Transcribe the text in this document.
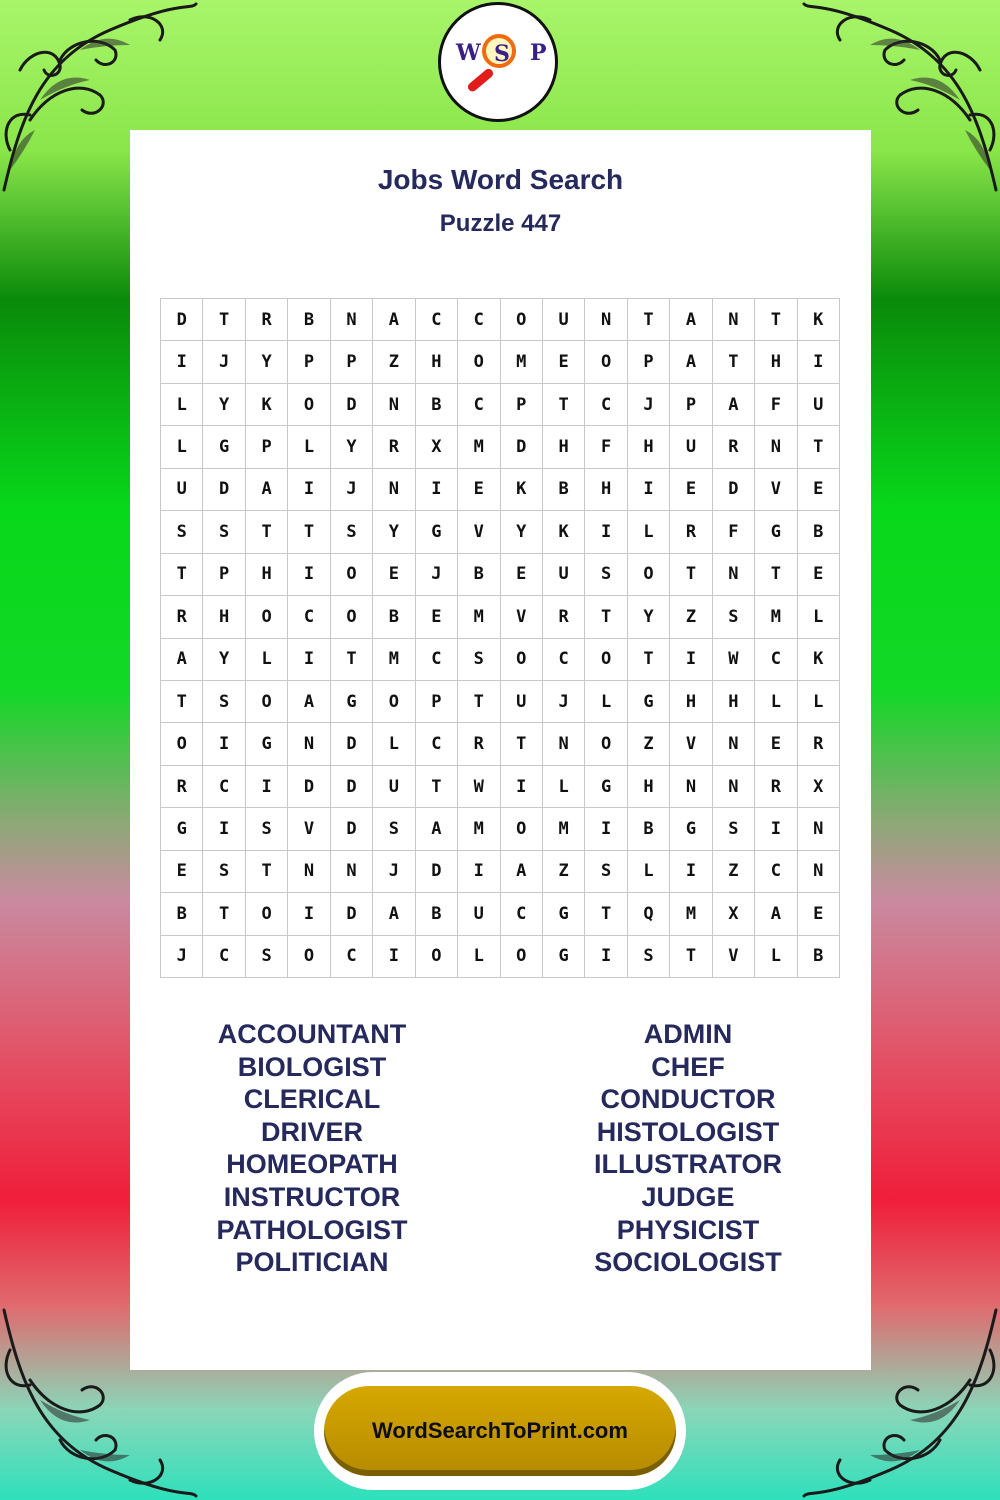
W S P
Jobs Word Search
Puzzle 447
D	T	R	B	N	A	C	C	O	U	N	T	A	N	T	K
I	J	Y	P	P	Z	H	O	M	E	O	P	A	T	H	I
L	Y	K	O	D	N	B	C	P	T	C	J	P	A	F	U
L	G	P	L	Y	R	X	M	D	H	F	H	U	R	N	T
U	D	A	I	J	N	I	E	K	B	H	I	E	D	V	E
S	S	T	T	S	Y	G	V	Y	K	I	L	R	F	G	B
T	P	H	I	O	E	J	B	E	U	S	O	T	N	T	E
R	H	O	C	O	B	E	M	V	R	T	Y	Z	S	M	L
A	Y	L	I	T	M	C	S	O	C	O	T	I	W	C	K
T	S	O	A	G	O	P	T	U	J	L	G	H	H	L	L
O	I	G	N	D	L	C	R	T	N	O	Z	V	N	E	R
R	C	I	D	D	U	T	W	I	L	G	H	N	N	R	X
G	I	S	V	D	S	A	M	O	M	I	B	G	S	I	N
E	S	T	N	N	J	D	I	A	Z	S	L	I	Z	C	N
B	T	O	I	D	A	B	U	C	G	T	Q	M	X	A	E
J	C	S	O	C	I	O	L	O	G	I	S	T	V	L	B
ACCOUNTANT
BIOLOGIST
CLERICAL
DRIVER
HOMEOPATH
INSTRUCTOR
PATHOLOGIST
POLITICIAN
ADMIN
CHEF
CONDUCTOR
HISTOLOGIST
ILLUSTRATOR
JUDGE
PHYSICIST
SOCIOLOGIST
WordSearchToPrint.com
